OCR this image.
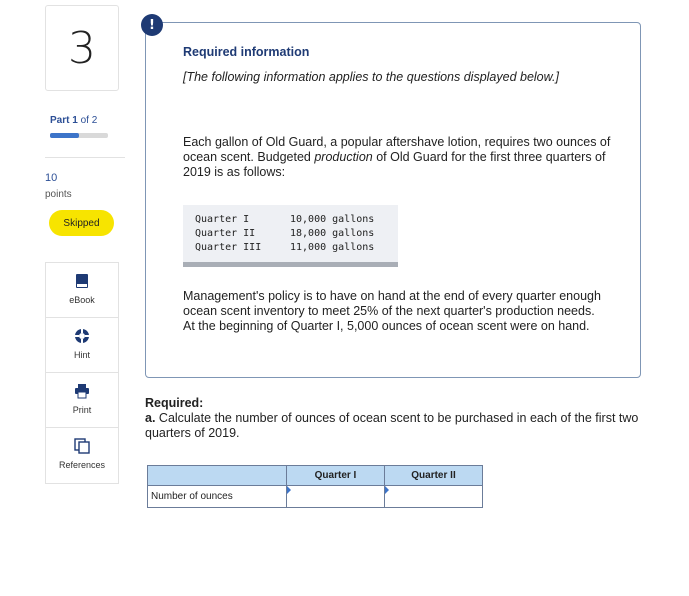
3
Part 1 of 2
10
points
Skipped
eBook
Hint
Print
References
!
Required information
[The following information applies to the questions displayed below.]
Each gallon of Old Guard, a popular aftershave lotion, requires two ounces of ocean scent. Budgeted production of Old Guard for the first three quarters of 2019 is as follows:
Quarter I	10,000 gallons
Quarter II	18,000 gallons
Quarter III	11,000 gallons
Management's policy is to have on hand at the end of every quarter enough ocean scent inventory to meet 25% of the next quarter's production needs. At the beginning of Quarter I, 5,000 ounces of ocean scent were on hand.
Required:
a. Calculate the number of ounces of ocean scent to be purchased in each of the first two quarters of 2019.
	Quarter I	Quarter II
Number of ounces	
